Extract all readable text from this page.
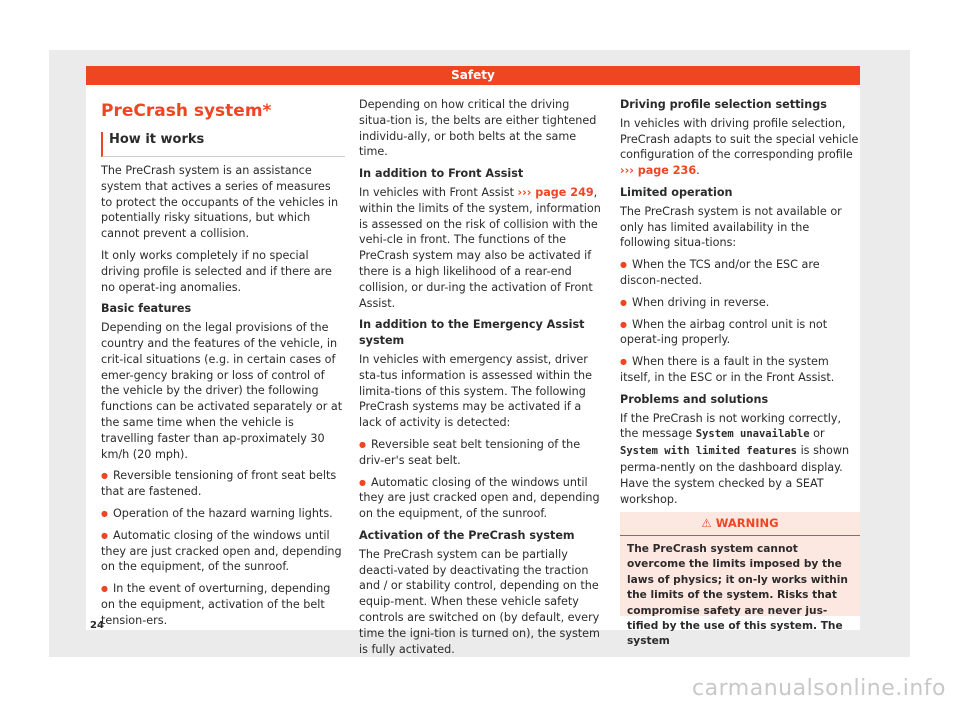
Safety
PreCrash system*
How it works

The PreCrash system is an assistance system that actives a series of measures to protect the occupants of the vehicles in potentially risky situations, but which cannot prevent a collision.

It only works completely if no special driving profile is selected and if there are no operat-ing anomalies.

Basic features

Depending on the legal provisions of the country and the features of the vehicle, in crit-ical situations (e.g. in certain cases of emer-gency braking or loss of control of the vehicle by the driver) the following functions can be activated separately or at the same time when the vehicle is travelling faster than ap-proximately 30 km/h (20 mph).

● Reversible tensioning of front seat belts that are fastened.

● Operation of the hazard warning lights.

● Automatic closing of the windows until they are just cracked open and, depending on the equipment, of the sunroof.

● In the event of overturning, depending on the equipment, activation of the belt tension-ers.

Depending on how critical the driving situa-tion is, the belts are either tightened individu-ally, or both belts at the same time.

In addition to Front Assist

In vehicles with Front Assist ››› page 249, within the limits of the system, information is assessed on the risk of collision with the vehi-cle in front. The functions of the PreCrash system may also be activated if there is a high likelihood of a rear-end collision, or dur-ing the activation of Front Assist.

In addition to the Emergency Assist system

In vehicles with emergency assist, driver sta-tus information is assessed within the limita-tions of this system. The following PreCrash systems may be activated if a lack of activity is detected:

● Reversible seat belt tensioning of the driv-er's seat belt.

● Automatic closing of the windows until they are just cracked open and, depending on the equipment, of the sunroof.

Activation of the PreCrash system

The PreCrash system can be partially deacti-vated by deactivating the traction and / or stability control, depending on the equip-ment. When these vehicle safety controls are switched on (by default, every time the igni-tion is turned on), the system is fully activated.

Driving profile selection settings

In vehicles with driving profile selection, PreCrash adapts to suit the special vehicle configuration of the corresponding profile ››› page 236.

Limited operation

The PreCrash system is not available or only has limited availability in the following situa-tions:

● When the TCS and/or the ESC are discon-nected.

● When driving in reverse.

● When the airbag control unit is not operat-ing properly.

● When there is a fault in the system itself, in the ESC or in the Front Assist.

Problems and solutions

If the PreCrash is not working correctly, the message System unavailable or System with limited features is shown perma-nently on the dashboard display. Have the system checked by a SEAT workshop.

⚠ WARNING
The PreCrash system cannot overcome the limits imposed by the laws of physics; it on-ly works within the limits of the system. Risks that compromise safety are never jus-tified by the use of this system. The system
24
carmanualsonline.info
